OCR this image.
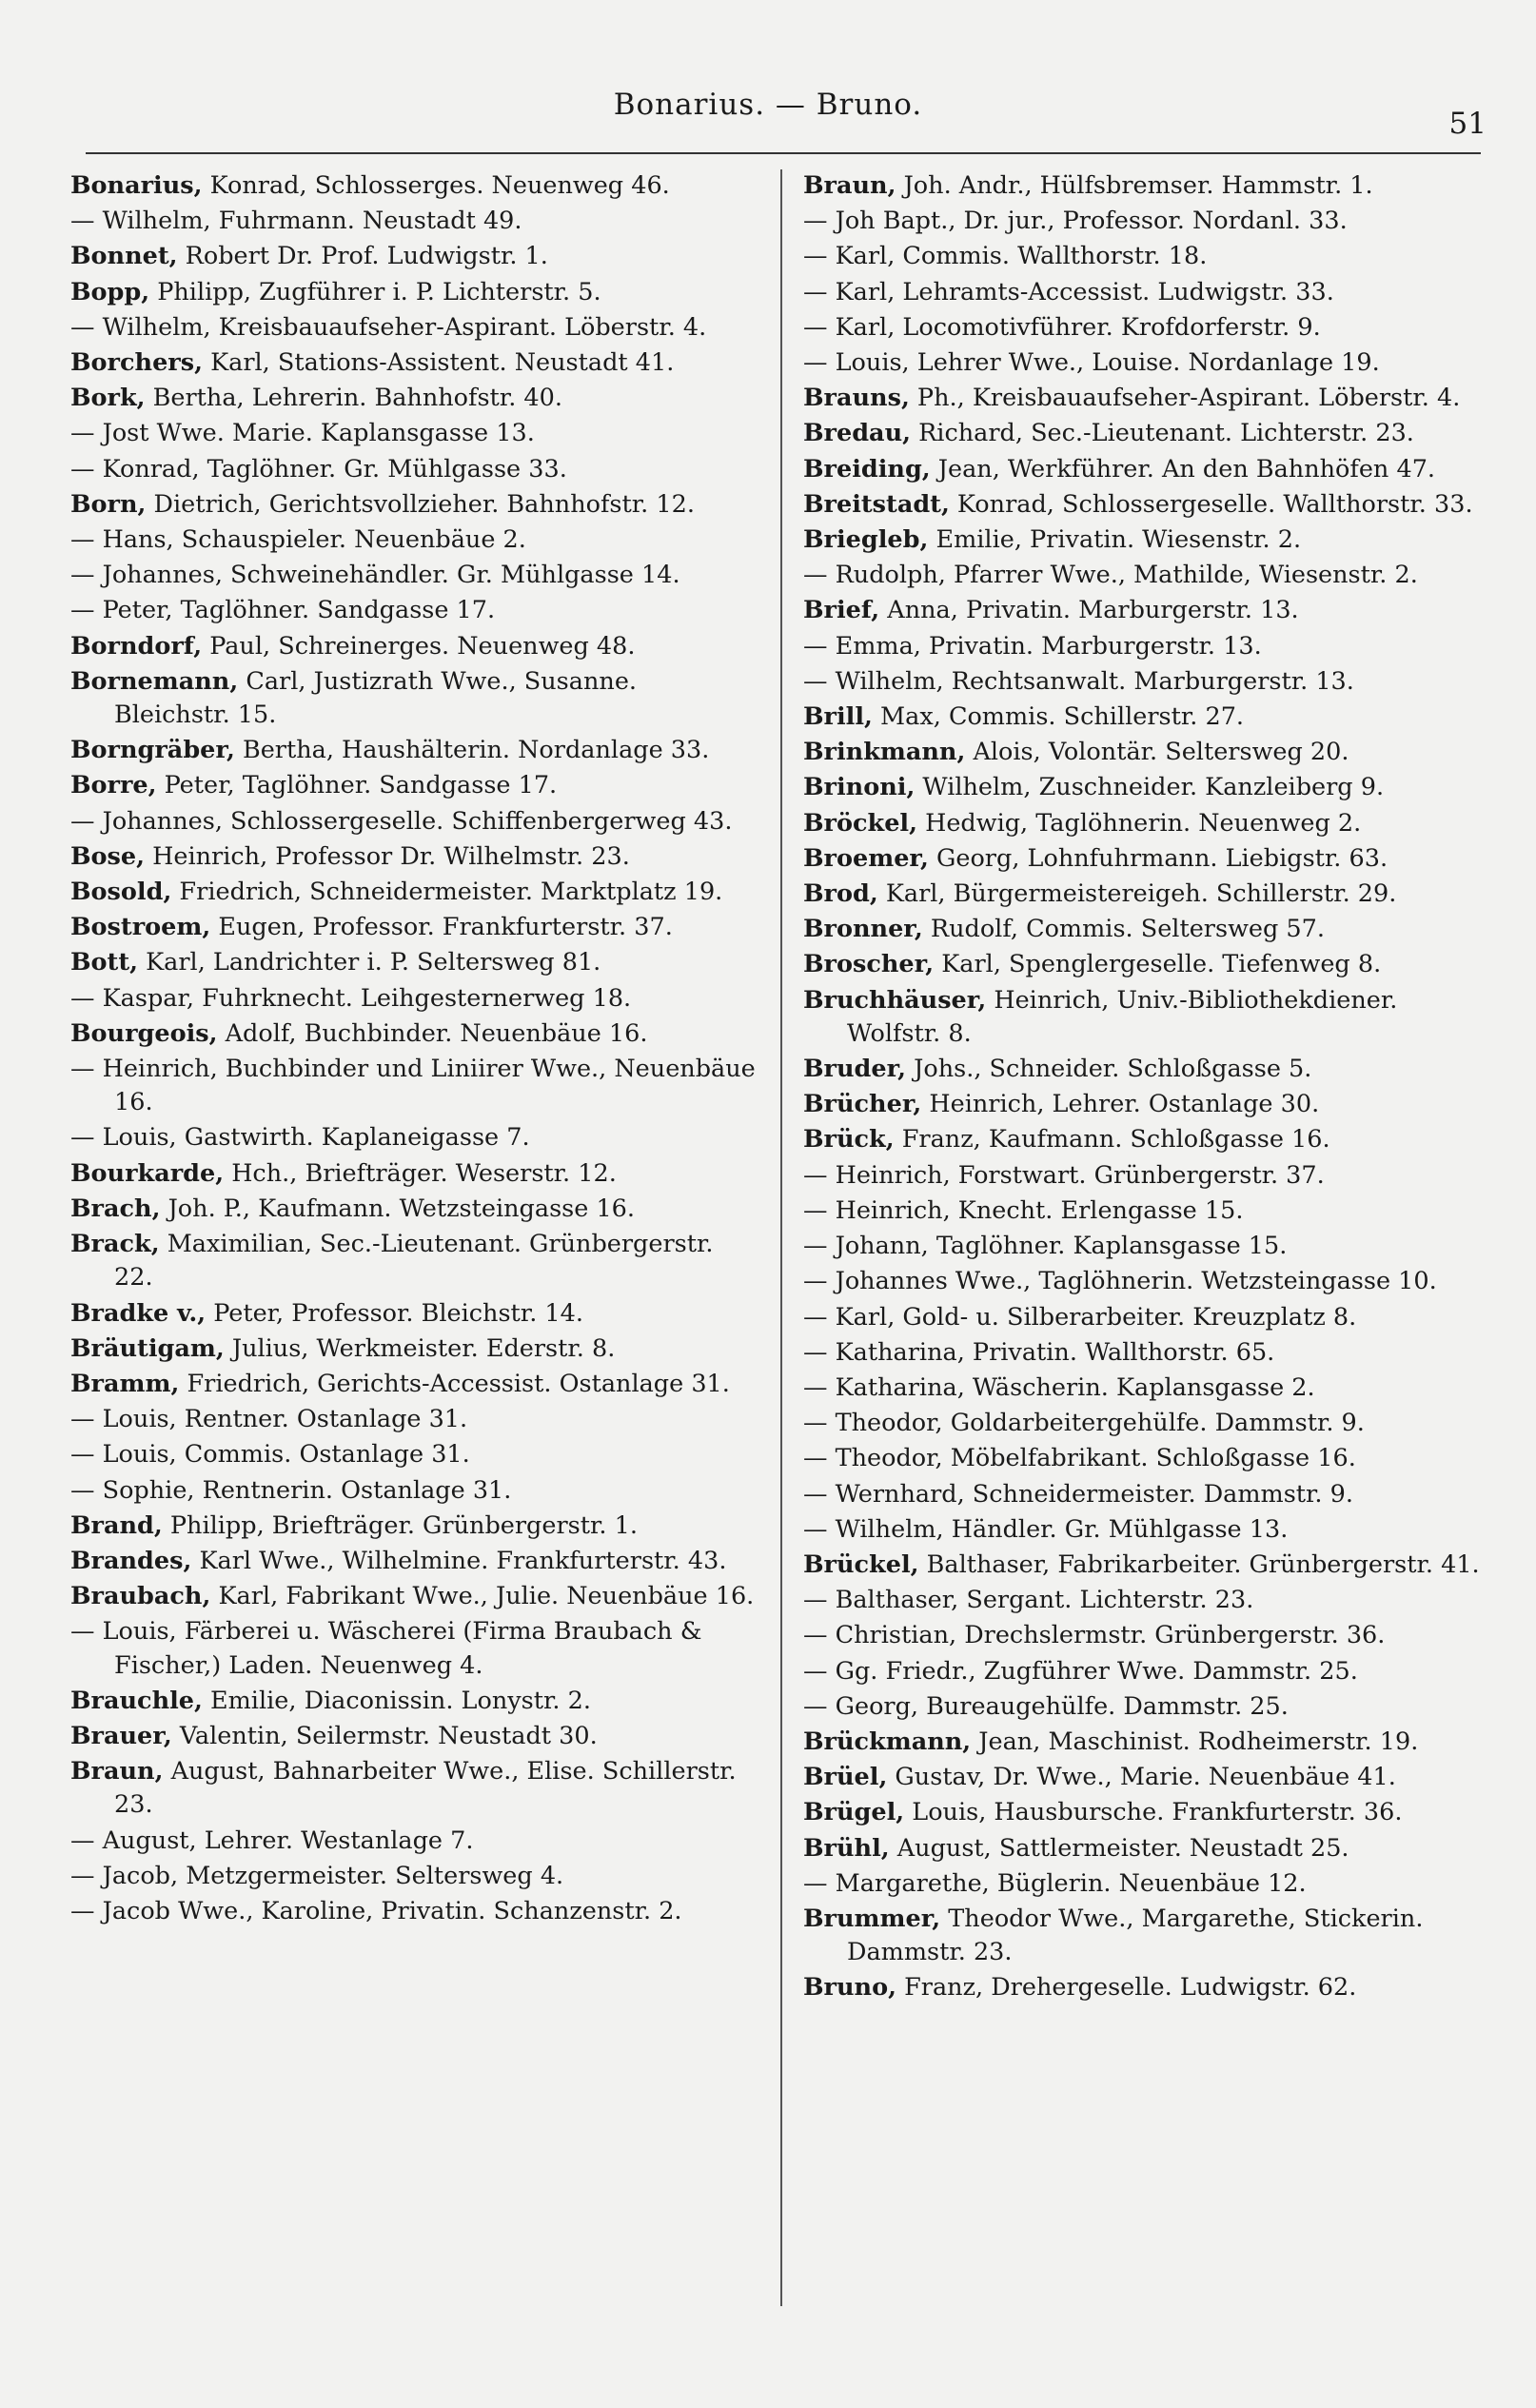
Bonarius. — Bruno.
51

Bonarius, Konrad, Schlosserges. Neuenweg 46.

— Wilhelm, Fuhrmann. Neustadt 49.

Bonnet, Robert Dr. Prof. Ludwigstr. 1.

Bopp, Philipp, Zugführer i. P. Lichterstr. 5.

— Wilhelm, Kreisbauaufseher-Aspirant. Löberstr. 4.

Borchers, Karl, Stations-Assistent. Neustadt 41.

Bork, Bertha, Lehrerin. Bahnhofstr. 40.

— Jost Wwe. Marie. Kaplansgasse 13.

— Konrad, Taglöhner. Gr. Mühlgasse 33.

Born, Dietrich, Gerichtsvollzieher. Bahnhofstr. 12.

— Hans, Schauspieler. Neuenbäue 2.

— Johannes, Schweinehändler. Gr. Mühlgasse 14.

— Peter, Taglöhner. Sandgasse 17.

Borndorf, Paul, Schreinerges. Neuenweg 48.

Bornemann, Carl, Justizrath Wwe., Susanne. Bleichstr. 15.

Borngräber, Bertha, Haushälterin. Nordanlage 33.

Borre, Peter, Taglöhner. Sandgasse 17.

— Johannes, Schlossergeselle. Schiffenbergerweg 43.

Bose, Heinrich, Professor Dr. Wilhelmstr. 23.

Bosold, Friedrich, Schneidermeister. Marktplatz 19.

Bostroem, Eugen, Professor. Frankfurterstr. 37.

Bott, Karl, Landrichter i. P. Seltersweg 81.

— Kaspar, Fuhrknecht. Leihgesternerweg 18.

Bourgeois, Adolf, Buchbinder. Neuenbäue 16.

— Heinrich, Buchbinder und Liniirer Wwe., Neuenbäue 16.

— Louis, Gastwirth. Kaplaneigasse 7.

Bourkarde, Hch., Briefträger. Weserstr. 12.

Brach, Joh. P., Kaufmann. Wetzsteingasse 16.

Brack, Maximilian, Sec.-Lieutenant. Grünbergerstr. 22.

Bradke v., Peter, Professor. Bleichstr. 14.

Bräutigam, Julius, Werkmeister. Ederstr. 8.

Bramm, Friedrich, Gerichts-Accessist. Ostanlage 31.

— Louis, Rentner. Ostanlage 31.

— Louis, Commis. Ostanlage 31.

— Sophie, Rentnerin. Ostanlage 31.

Brand, Philipp, Briefträger. Grünbergerstr. 1.

Brandes, Karl Wwe., Wilhelmine. Frankfurterstr. 43.

Braubach, Karl, Fabrikant Wwe., Julie. Neuenbäue 16.

— Louis, Färberei u. Wäscherei (Firma Braubach & Fischer,) Laden. Neuenweg 4.

Brauchle, Emilie, Diaconissin. Lonystr. 2.

Brauer, Valentin, Seilermstr. Neustadt 30.

Braun, August, Bahnarbeiter Wwe., Elise. Schillerstr. 23.

— August, Lehrer. Westanlage 7.

— Jacob, Metzgermeister. Seltersweg 4.

— Jacob Wwe., Karoline, Privatin. Schanzenstr. 2.

Braun, Joh. Andr., Hülfsbremser. Hammstr. 1.

— Joh Bapt., Dr. jur., Professor. Nordanl. 33.

— Karl, Commis. Wallthorstr. 18.

— Karl, Lehramts-Accessist. Ludwigstr. 33.

— Karl, Locomotivführer. Krofdorferstr. 9.

— Louis, Lehrer Wwe., Louise. Nordanlage 19.

Brauns, Ph., Kreisbauaufseher-Aspirant. Löberstr. 4.

Bredau, Richard, Sec.-Lieutenant. Lichterstr. 23.

Breiding, Jean, Werkführer. An den Bahnhöfen 47.

Breitstadt, Konrad, Schlossergeselle. Wallthorstr. 33.

Briegleb, Emilie, Privatin. Wiesenstr. 2.

— Rudolph, Pfarrer Wwe., Mathilde, Wiesenstr. 2.

Brief, Anna, Privatin. Marburgerstr. 13.

— Emma, Privatin. Marburgerstr. 13.

— Wilhelm, Rechtsanwalt. Marburgerstr. 13.

Brill, Max, Commis. Schillerstr. 27.

Brinkmann, Alois, Volontär. Seltersweg 20.

Brinoni, Wilhelm, Zuschneider. Kanzleiberg 9.

Bröckel, Hedwig, Taglöhnerin. Neuenweg 2.

Broemer, Georg, Lohnfuhrmann. Liebigstr. 63.

Brod, Karl, Bürgermeistereigeh. Schillerstr. 29.

Bronner, Rudolf, Commis. Seltersweg 57.

Broscher, Karl, Spenglergeselle. Tiefenweg 8.

Bruchhäuser, Heinrich, Univ.-Bibliothekdiener. Wolfstr. 8.

Bruder, Johs., Schneider. Schloßgasse 5.

Brücher, Heinrich, Lehrer. Ostanlage 30.

Brück, Franz, Kaufmann. Schloßgasse 16.

— Heinrich, Forstwart. Grünbergerstr. 37.

— Heinrich, Knecht. Erlengasse 15.

— Johann, Taglöhner. Kaplansgasse 15.

— Johannes Wwe., Taglöhnerin. Wetzsteingasse 10.

— Karl, Gold- u. Silberarbeiter. Kreuzplatz 8.

— Katharina, Privatin. Wallthorstr. 65.

— Katharina, Wäscherin. Kaplansgasse 2.

— Theodor, Goldarbeitergehülfe. Dammstr. 9.

— Theodor, Möbelfabrikant. Schloßgasse 16.

— Wernhard, Schneidermeister. Dammstr. 9.

— Wilhelm, Händler. Gr. Mühlgasse 13.

Brückel, Balthaser, Fabrikarbeiter. Grünbergerstr. 41.

— Balthaser, Sergant. Lichterstr. 23.

— Christian, Drechslermstr. Grünbergerstr. 36.

— Gg. Friedr., Zugführer Wwe. Dammstr. 25.

— Georg, Bureaugehülfe. Dammstr. 25.

Brückmann, Jean, Maschinist. Rodheimerstr. 19.

Brüel, Gustav, Dr. Wwe., Marie. Neuenbäue 41.

Brügel, Louis, Hausbursche. Frankfurterstr. 36.

Brühl, August, Sattlermeister. Neustadt 25.

— Margarethe, Büglerin. Neuenbäue 12.

Brummer, Theodor Wwe., Margarethe, Stickerin. Dammstr. 23.

Bruno, Franz, Drehergeselle. Ludwigstr. 62.
